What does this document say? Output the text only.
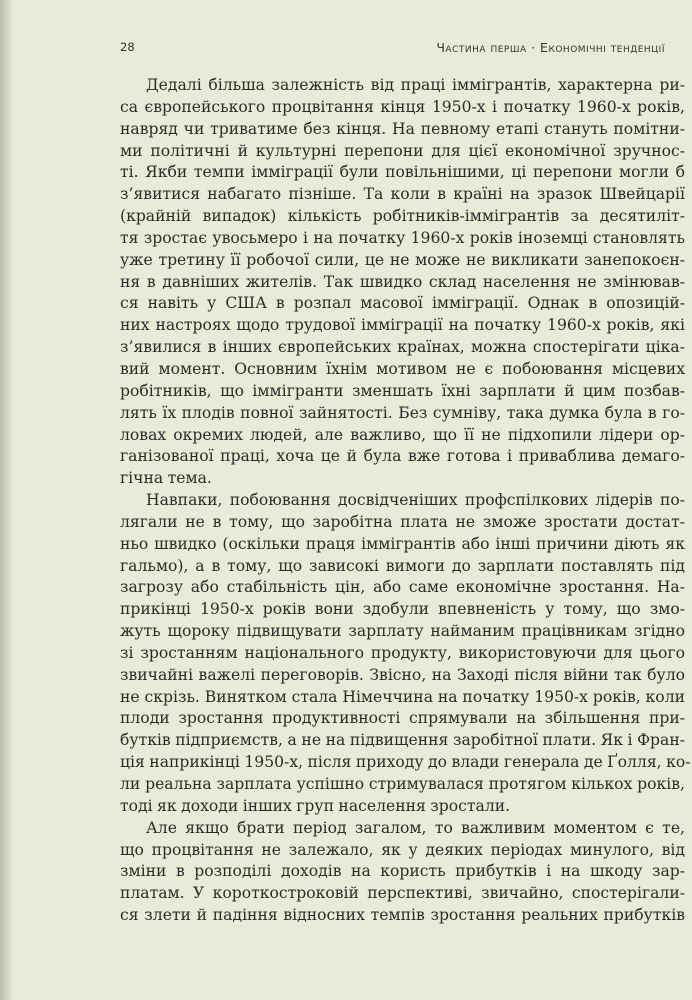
28	Частина перша · Економічні тенденції
Дедалі більша залежність від праці іммігрантів, характерна ри-
са європейського процвітання кінця 1950-х і початку 1960-х років,
навряд чи триватиме без кінця. На певному етапі стануть помітни-
ми політичні й культурні перепони для цієї економічної зручнос-
ті. Якби темпи іммігpації були повільнішими, ці перепони могли б
з’явитися набагато пізніше. Та коли в країні на зразок Швейцарії
(крайній випадок) кількість робітників-іммігрантів за десятиліт-
тя зростає увосьмеро і на початку 1960-х років іноземці становлять
уже третину її робочої сили, це не може не викликати занепокоєн-
ня в давніших жителів. Так швидко склад населення не змінював-
ся навіть у США в розпал масової імміграції. Однак в опозицій-
них настроях щодо трудової імміграції на початку 1960-х років, які
з’явилися в інших європейських країнах, можна спостерігати ціка-
вий момент. Основним їхнім мотивом не є побоювання місцевих
робітників, що іммігранти зменшать їхні зарплати й цим позбав-
лять їх плодів повної зайнятості. Без сумніву, така думка була в го-
ловах окремих людей, але важливо, що її не підхопили лідери ор-
ганізованої праці, хоча це й була вже готова і приваблива демаго-
гічна тема.
Навпаки, побоювання досвідченіших профспілкових лідерів по-
лягали не в тому, що заробітна плата не зможе зростати достат-
ньо швидко (оскільки праця іммігрантів або інші причини діють як
гальмо), а в тому, що зависокі вимоги до зарплати поставлять під
загрозу або стабільність цін, або саме економічне зростання. На-
прикінці 1950-х років вони здобули впевненість у тому, що змо-
жуть щороку підвищувати зарплату найманим працівникам згідно
зі зростанням національного продукту, використовуючи для цього
звичайні важелі переговорів. Звісно, на Заході після війни так було
не скрізь. Винятком стала Німеччина на початку 1950-х років, коли
плоди зростання продуктивності спрямували на збільшення при-
бутків підприємств, а не на підвищення заробітної плати. Як і Фран-
ція наприкінці 1950-х, після приходу до влади генерала де Ґолля, ко-
ли реальна зарплата успішно стримувалася протягом кількох років,
тоді як доходи інших груп населення зростали.
Але якщо брати період загалом, то важливим моментом є те,
що процвітання не залежало, як у деяких періодах минулого, від
зміни в розподілі доходів на користь прибутків і на шкоду зар-
платам. У короткостроковій перспективі, звичайно, спостерігали-
ся злети й падіння відносних темпів зростання реальних прибутків
